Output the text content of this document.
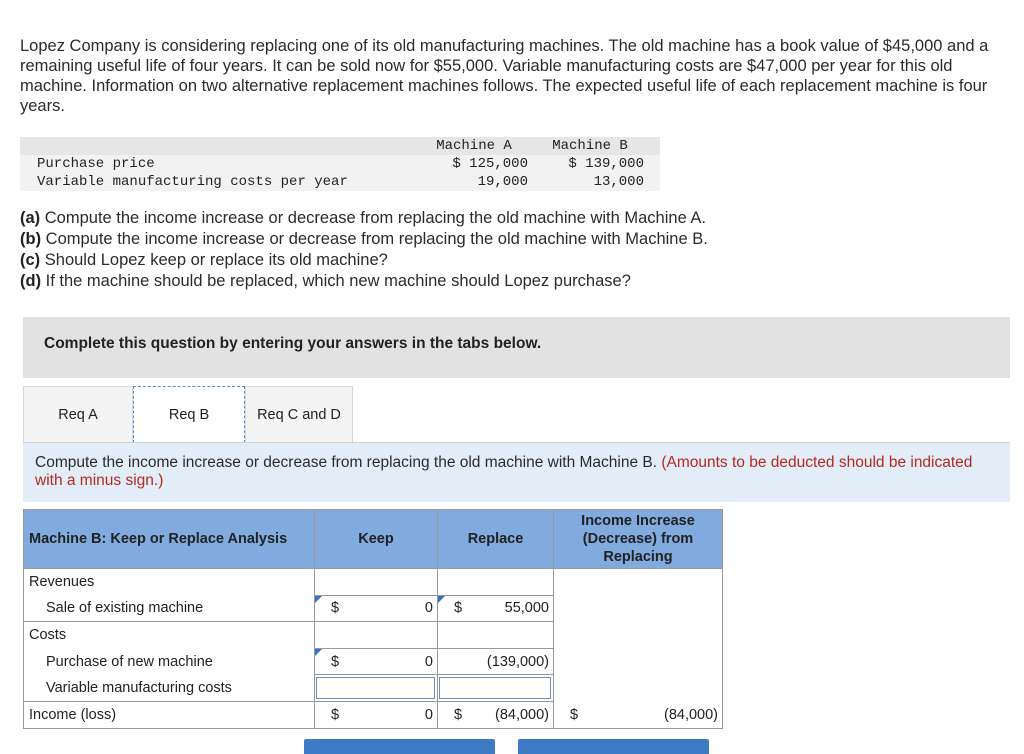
Lopez Company is considering replacing one of its old manufacturing machines. The old machine has a book value of $45,000 and a
remaining useful life of four years. It can be sold now for $55,000. Variable manufacturing costs are $47,000 per year for this old
machine. Information on two alternative replacement machines follows. The expected useful life of each replacement machine is four
years.
	Machine A	Machine B
Purchase price	$ 125,000	$ 139,000
Variable manufacturing costs per year	19,000	13,000
(a) Compute the income increase or decrease from replacing the old machine with Machine A.
(b) Compute the income increase or decrease from replacing the old machine with Machine B.
(c) Should Lopez keep or replace its old machine?
(d) If the machine should be replaced, which new machine should Lopez purchase?
Complete this question by entering your answers in the tabs below.
Req A	Req B	Req C and D
Compute the income increase or decrease from replacing the old machine with Machine B. (Amounts to be deducted should be indicated with a minus sign.)
Machine B: Keep or Replace Analysis	Keep	Replace	Income Increase (Decrease) from Replacing
Revenues			
Sale of existing machine	$ 0	$ 55,000	

Costs			
Purchase of new machine	$ 0	(139,000)	

Variable manufacturing costs	

Income (loss)	$ 0	$ (84,000)	$ (84,000)
